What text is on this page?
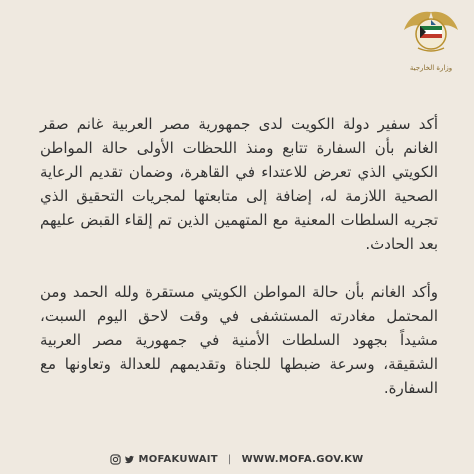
وزارة الخارجية

أكد سفير دولة الكويت لدى جمهورية مصر العربية غانم صقر الغانم بأن السفارة تتابع ومنذ اللحظات الأولى حالة المواطن الكويتي الذي تعرض للاعتداء في القاهرة، وضمان تقديم الرعاية الصحية اللازمة له، إضافة إلى متابعتها لمجريات التحقيق الذي تجريه السلطات المعنية مع المتهمين الذين تم إلقاء القبض عليهم بعد الحادث.

وأكد الغانم بأن حالة المواطن الكويتي مستقرة ولله الحمد ومن المحتمل مغادرته المستشفى في وقت لاحق اليوم السبت، مشيداً بجهود السلطات الأمنية في جمهورية مصر العربية الشقيقة، وسرعة ضبطها للجناة وتقديمهم للعدالة وتعاونها مع السفارة.

MOFAKUWAIT | WWW.MOFA.GOV.KW
